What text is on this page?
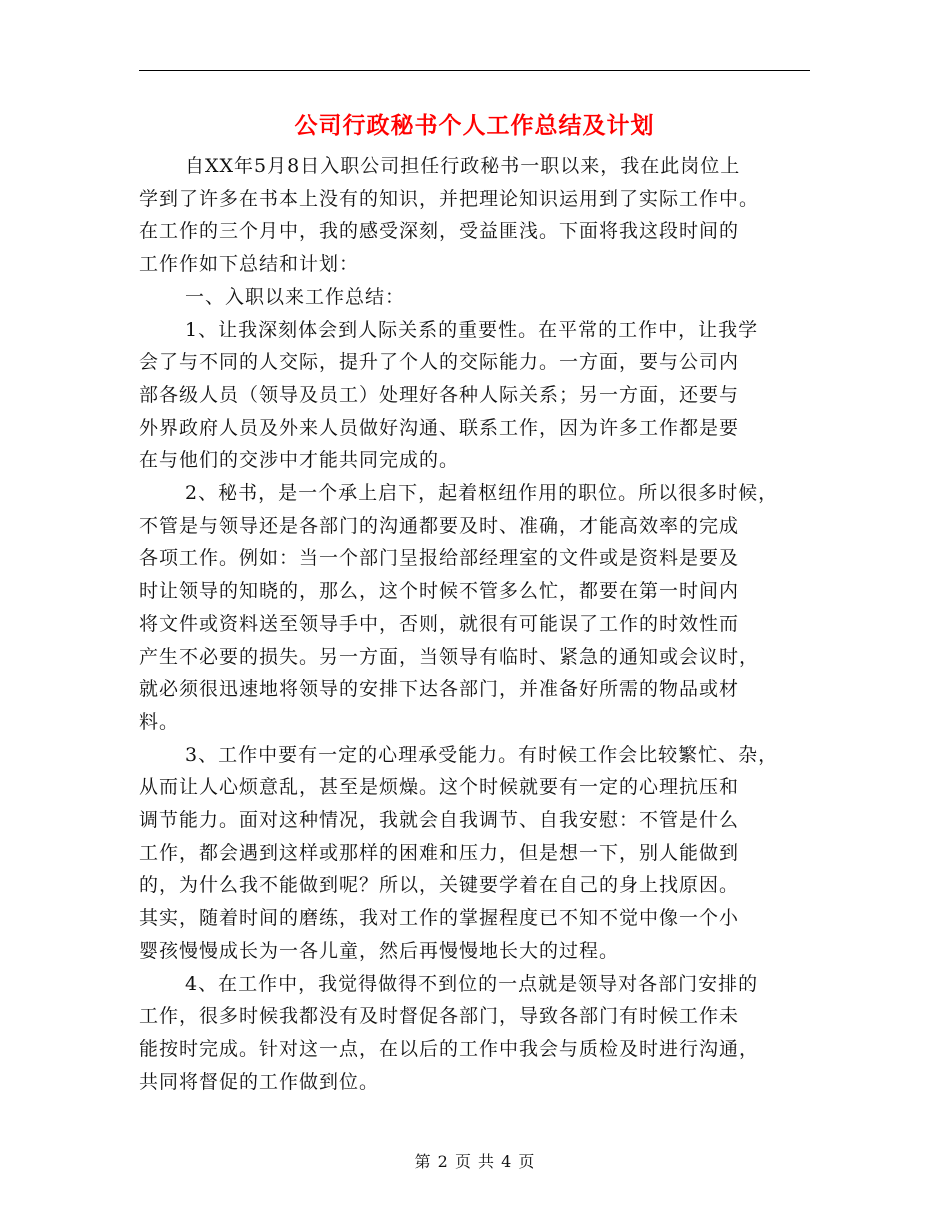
公司行政秘书个人工作总结及计划
自XX年5月8日入职公司担任行政秘书一职以来，我在此岗位上
学到了许多在书本上没有的知识，并把理论知识运用到了实际工作中。
在工作的三个月中，我的感受深刻，受益匪浅。下面将我这段时间的
工作作如下总结和计划：
一、入职以来工作总结：
1、让我深刻体会到人际关系的重要性。在平常的工作中，让我学
会了与不同的人交际，提升了个人的交际能力。一方面，要与公司内
部各级人员（领导及员工）处理好各种人际关系；另一方面，还要与
外界政府人员及外来人员做好沟通、联系工作，因为许多工作都是要
在与他们的交涉中才能共同完成的。
2、秘书，是一个承上启下，起着枢纽作用的职位。所以很多时候，
不管是与领导还是各部门的沟通都要及时、准确，才能高效率的完成
各项工作。例如：当一个部门呈报给部经理室的文件或是资料是要及
时让领导的知晓的，那么，这个时候不管多么忙，都要在第一时间内
将文件或资料送至领导手中，否则，就很有可能误了工作的时效性而
产生不必要的损失。另一方面，当领导有临时、紧急的通知或会议时，
就必须很迅速地将领导的安排下达各部门，并准备好所需的物品或材
料。
3、工作中要有一定的心理承受能力。有时候工作会比较繁忙、杂，
从而让人心烦意乱，甚至是烦燥。这个时候就要有一定的心理抗压和
调节能力。面对这种情况，我就会自我调节、自我安慰：不管是什么
工作，都会遇到这样或那样的困难和压力，但是想一下，别人能做到
的，为什么我不能做到呢？所以，关键要学着在自己的身上找原因。
其实，随着时间的磨练，我对工作的掌握程度已不知不觉中像一个小
婴孩慢慢成长为一各儿童，然后再慢慢地长大的过程。
4、在工作中，我觉得做得不到位的一点就是领导对各部门安排的
工作，很多时候我都没有及时督促各部门，导致各部门有时候工作未
能按时完成。针对这一点，在以后的工作中我会与质检及时进行沟通，
共同将督促的工作做到位。
第 2 页 共 4 页
